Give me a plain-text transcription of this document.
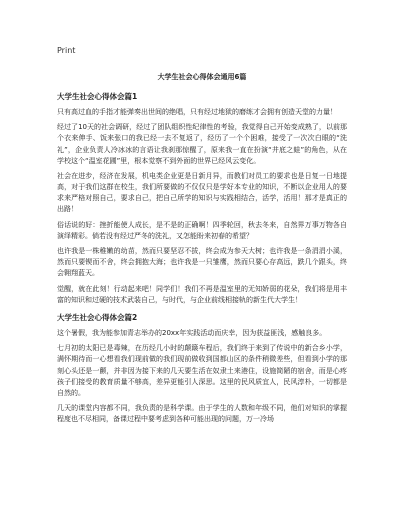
Print
大学生社会心得体会通用6篇
大学生社会心得体会篇1

只有高过血的手指才能弹奏出世间的绝唱，只有经过地狱的磨练才会拥有创造天堂的力量！

经过了10天的社会调研，经过了团队组织性纪律性的考验，我觉得自己开始变成熟了，以前那个衣来伸手、饭来张口的我已经一去不复返了，经历了一个个困难，接受了一次次白眼的“洗礼”，企业负责人冷冰冰的言语让我刹那惊醒了，原来我一直在扮演“井底之蛙”的角色，从在学校这个“温室花圃”里，根本觉察不到外面的世界已经风云变化。

社会在进步，经济在发展，机电类企业更是日新月异，而教们对员工的要求也是日复一日地提高，对于我们这群在校生，我们所要做的不仅仅只是学好本专业的知识，不断以企业用人的要求来严格对照自己，要求自己，把自己所学的知识与实践相结合，活学，活用！那才是真正的出路！

俗话说的好：挫折能使人成长，是不是的正确啊！四季轮回，秋去冬来，自然界万事万物各自演绎精彩。倘若没有经过严冬的洗礼，又怎能盼来初春的希望？

也许我是一株稚嫩的幼苗，然而只要坚忍不拔，终会成为参天大树；也许我是一条涓涓小溪，然而只要锲而不舍，终会拥抱大海；也许我是一只雏鹰，然而只要心存高远，跌几个跟头，终会翱翔蓝天。

觉醒，就在此刻！行动起来吧！同学们！我们不再是温室里的无知娇弱的花朵，我们将是用丰富的知识和过硬的技术武装自己，与时代，与企业前线相接轨的新生代大学生！

大学生社会心得体会篇2

这个暑假，我为能参加青志举办的20xx年实践活动而庆幸，因为获益匪浅，感触良多。

七月初的太阳已是毒辣，在历经几小时的颠簸车程后，我们终于来到了传说中的新合乡小学，满怀期待而一心想看我们现前做的我们现前做收到国都山区的条件稍微差些，但看到小学的那刻心头还是一颤，并非因为接下来的几天要生活在奴隶土来港住，设施简陋的宿舍，而是心疼孩子们接受的教育质量不够高，差异更能引人深思。这里的民风质宜人，民风淳朴，一切都是自然的。

几天的课堂内容都不同，我负责的是科学课。由于学生的人数和年级不同，他们对知识的掌握程度也不尽相同，备课过程中要考虑到各种可能出现的问题，万一冷场
